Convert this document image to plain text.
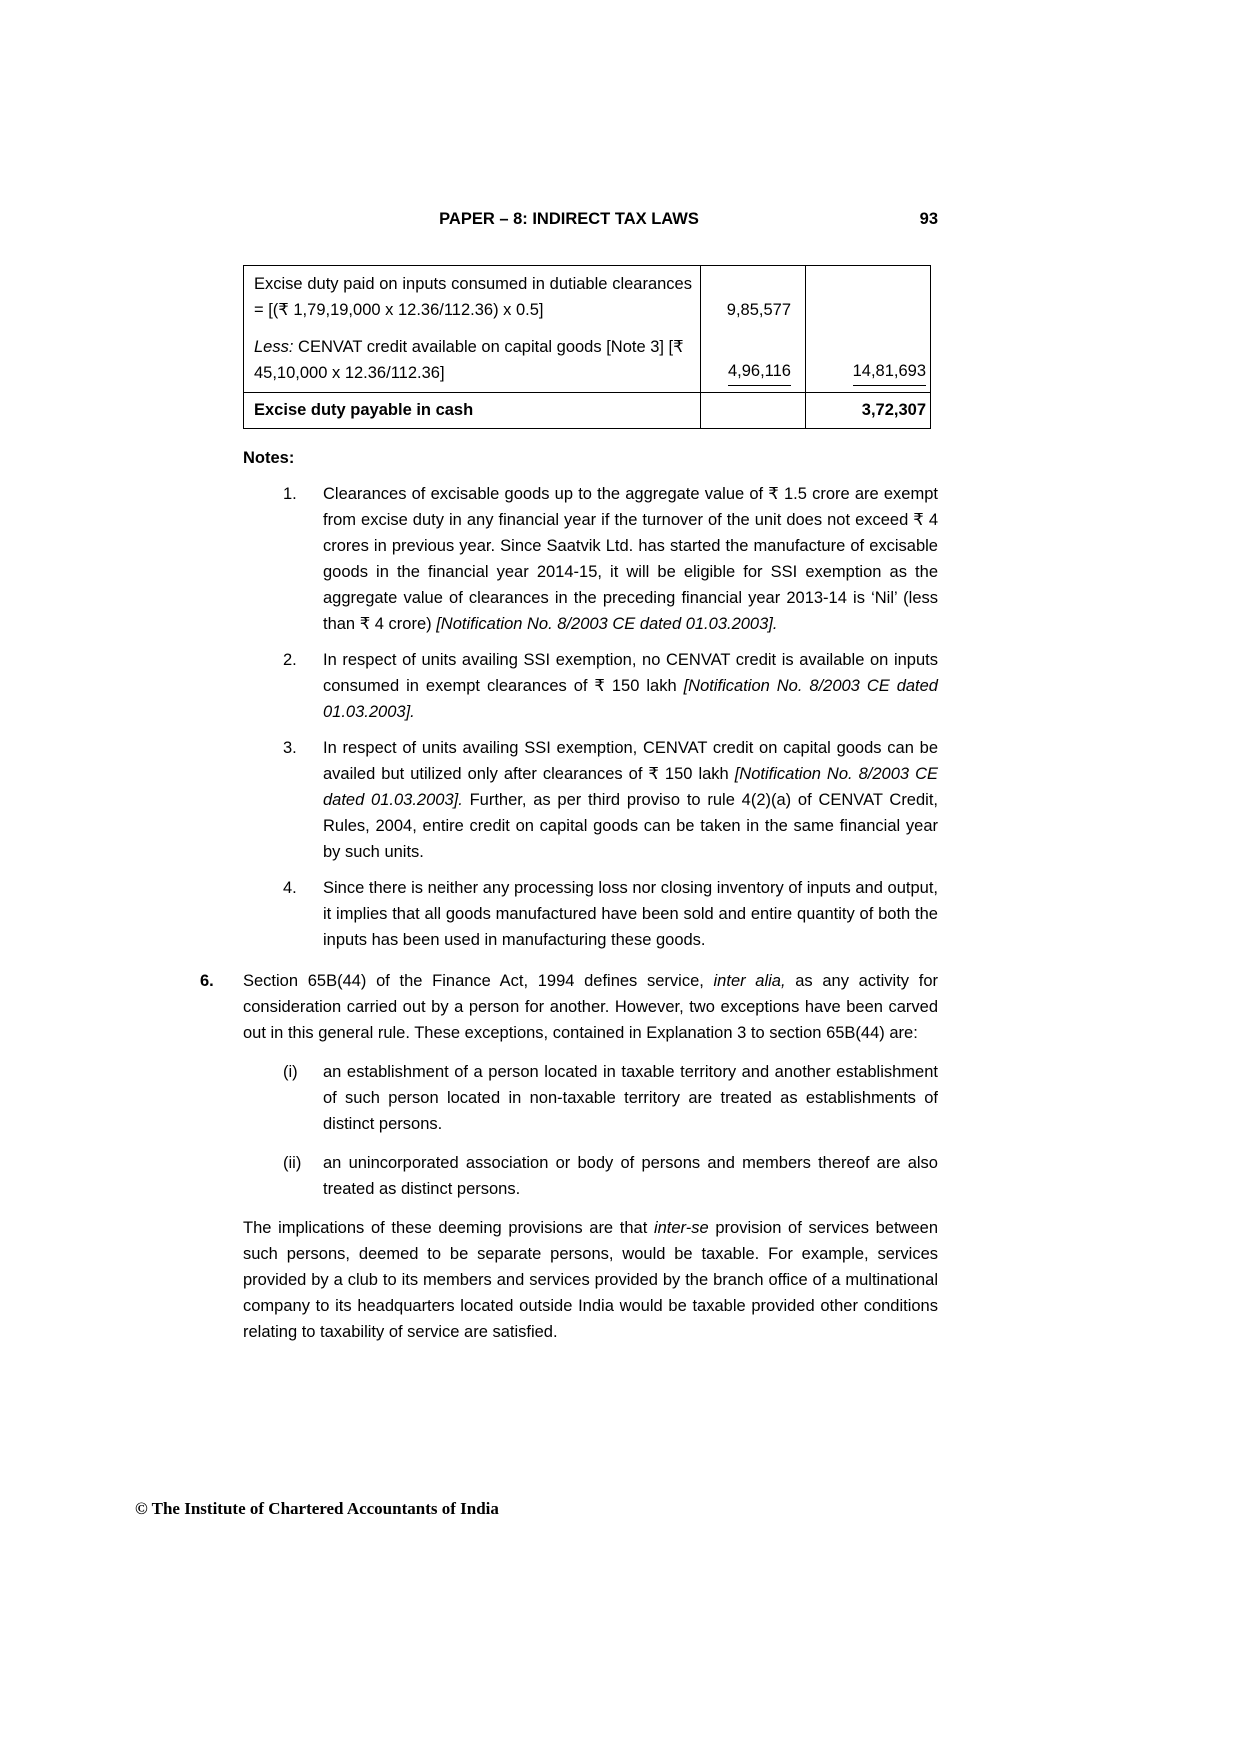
PAPER – 8: INDIRECT TAX LAWS	93
Excise duty paid on inputs consumed in dutiable clearances = [(₹ 1,79,19,000 x 12.36/112.36) x 0.5]	9,85,577	
Less: CENVAT credit available on capital goods [Note 3] [₹ 45,10,000 x 12.36/112.36]	4,96,116	14,81,693
Excise duty payable in cash		3,72,307
Notes:
1.	Clearances of excisable goods up to the aggregate value of ₹ 1.5 crore are exempt from excise duty in any financial year if the turnover of the unit does not exceed ₹ 4 crores in previous year. Since Saatvik Ltd. has started the manufacture of excisable goods in the financial year 2014-15, it will be eligible for SSI exemption as the aggregate value of clearances in the preceding financial year 2013-14 is ‘Nil’ (less than ₹ 4 crore) [Notification No. 8/2003 CE dated 01.03.2003].
2.	In respect of units availing SSI exemption, no CENVAT credit is available on inputs consumed in exempt clearances of ₹ 150 lakh [Notification No. 8/2003 CE dated 01.03.2003].
3.	In respect of units availing SSI exemption, CENVAT credit on capital goods can be availed but utilized only after clearances of ₹ 150 lakh [Notification No. 8/2003 CE dated 01.03.2003]. Further, as per third proviso to rule 4(2)(a) of CENVAT Credit, Rules, 2004, entire credit on capital goods can be taken in the same financial year by such units.
4.	Since there is neither any processing loss nor closing inventory of inputs and output, it implies that all goods manufactured have been sold and entire quantity of both the inputs has been used in manufacturing these goods.
6.	Section 65B(44) of the Finance Act, 1994 defines service, inter alia, as any activity for consideration carried out by a person for another. However, two exceptions have been carved out in this general rule. These exceptions, contained in Explanation 3 to section 65B(44) are:
(i)	an establishment of a person located in taxable territory and another establishment of such person located in non-taxable territory are treated as establishments of distinct persons.
(ii)	an unincorporated association or body of persons and members thereof are also treated as distinct persons.
The implications of these deeming provisions are that inter-se provision of services between such persons, deemed to be separate persons, would be taxable. For example, services provided by a club to its members and services provided by the branch office of a multinational company to its headquarters located outside India would be taxable provided other conditions relating to taxability of service are satisfied.
© The Institute of Chartered Accountants of India
